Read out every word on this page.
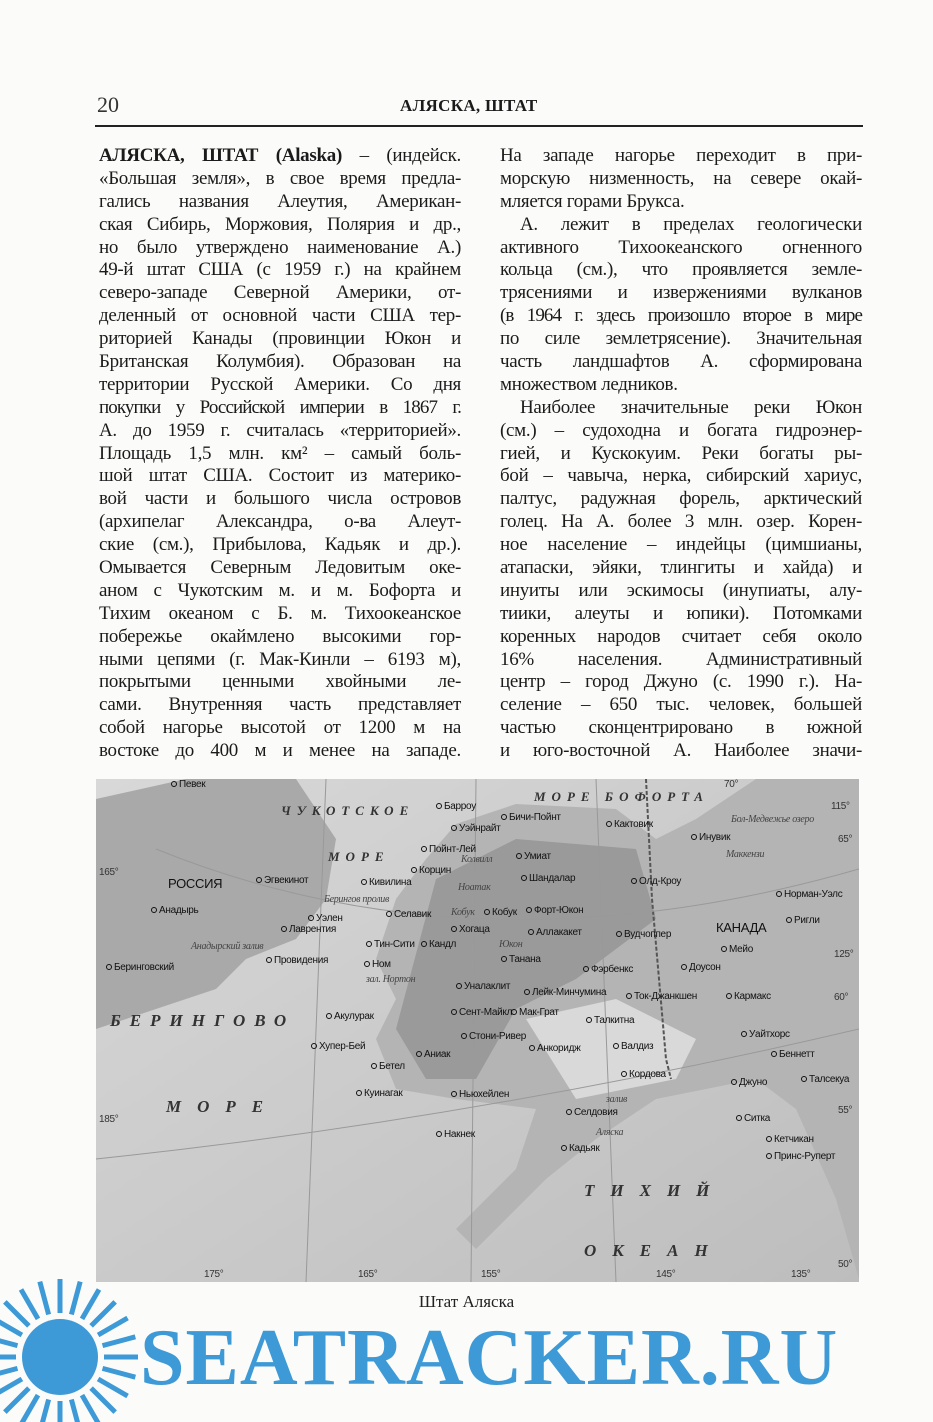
20	АЛЯСКА, ШТАТ
АЛЯСКА, ШТАТ (Alaska) – (индейск.
«Большая земля», в свое время предла-
гались названия Алеутия, Американ-
ская Сибирь, Моржовия, Полярия и др.,
но было утверждено наименование А.)
49-й штат США (с 1959 г.) на крайнем
северо-западе Северной Америки, от-
деленный от основной части США тер-
риторией Канады (провинции Юкон и
Британская Колумбия). Образован на
территории Русской Америки. Со дня
покупки у Российской империи в 1867 г.
А. до 1959 г. считалась «территорией».
Площадь 1,5 млн. км² – самый боль-
шой штат США. Состоит из материко-
вой части и большого числа островов
(архипелаг Александра, о-ва Алеут-
ские (см.), Прибылова, Кадьяк и др.).
Омывается Северным Ледовитым оке-
аном с Чукотским м. и м. Бофорта и
Тихим океаном с Б. м. Тихоокеанское
побережье окаймлено высокими гор-
ными цепями (г. Мак-Кинли – 6193 м),
покрытыми ценными хвойными ле-
сами. Внутренняя часть представляет
собой нагорье высотой от 1200 м на
востоке до 400 м и менее на западе.
На западе нагорье переходит в при-
морскую низменность, на севере окай-
мляется горами Брукса.
А. лежит в пределах геологически
активного Тихоокеанского огненного
кольца (см.), что проявляется земле-
трясениями и извержениями вулканов
(в 1964 г. здесь произошло второе в мире
по силе землетрясение). Значительная
часть ландшафтов А. сформирована
множеством ледников.
Наиболее значительные реки Юкон
(см.) – судоходна и богата гидроэнер-
гией, и Кускокуим. Реки богаты ры-
бой – чавыча, нерка, сибирский хариус,
палтус, радужная форель, арктический
голец. На А. более 3 млн. озер. Корен-
ное население – индейцы (цимшианы,
атапаски, эйяки, тлингиты и хайда) и
инуиты или эскимосы (инупиаты, алу-
тиики, алеуты и юпики). Потомками
коренных народов считает себя около
16% населения. Административный
центр – город Джуно (с. 1990 г.). На-
селение – 650 тыс. человек, большей
частью сконцентрировано в южной
и юго-восточной А. Наиболее значи-
ЧУКОТСКОЕ
МОРЕ
МОРЕ БОФОРТА
БЕРИНГОВО
МОРЕ
ТИХИЙ
ОКЕАН
РОССИЯ
КАНАДА
Анадырский залив
Берингов пролив
зал. Нортон
залив
Аляска
Бол-Медвежье озеро
Колвилл
Ноатак
Кобук
Юкон
Маккензи
70°
115°
65°
165°
125°
60°
185°
55°
50°
175°	165°	155°	145°	135°
Певек
Барроу
Бичи-Пойнт
Уэйнрайт	Кактовик
Инувик
Пойнт-Лей
Умиат
Корцин
Шандалар
Эгвекинот	Кивилина	Олд-Кроу
Норман-Уэлс
Анадырь
Уэлен	Селавик	Кобук	Форт-Юкон
Ригли
Лаврентия	Хогаца	Аллакакет	Вудчоппер
Тин-Сити	Кандл	Мейо
Беринговский
Провидения	Ном	Танана
Фэрбенкс	Доусон
Уналаклит
Лейк-Минчумина	Ток-Джанкшен	Кармакс
Акулурак	Сент-Майкл Мак-Грат
Талкитна
Уайтхорс
Хупер-Бей
Стони-Ривер
Анкоридж	Валдиз
Аниак	Беннетт
Бетел
Кордова
Джуно	Талсекуа
Куинагак	Ньюхейлен
Селдовия
Ситка
Накнек	Кетчикан
Кадьяк
Принс-Руперт
Штат Аляска
SEATRACKER.RU
